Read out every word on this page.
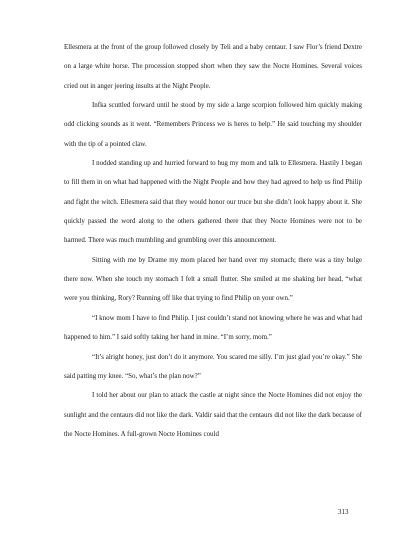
Ellesmera at the front of the group followed closely by Teli and a baby centaur. I saw Flor’s friend Dextre on a large white horse. The procession stopped short when they saw the Nocte Homines. Several voices cried out in anger jeering insults at the Night People.

Infka scuttled forward until he stood by my side a large scorpion followed him quickly making odd clicking sounds as it went. “Remembers Princess we is heres to help.” He said touching my shoulder with the tip of a pointed claw.

I nodded standing up and hurried forward to hug my mom and talk to Ellesmera. Hastily I began to fill them in on what had happened with the Night People and how they had agreed to help us find Philip and fight the witch. Ellesmera said that they would honor our truce but she didn’t look happy about it. She quickly passed the word along to the others gathered there that they Nocte Homines were not to be harmed. There was much mumbling and grumbling over this announcement.

Sitting with me by Drame my mom placed her hand over my stomach; there was a tiny bulge there now. When she touch my stomach I felt a small flutter. She smiled at me shaking her head, “what were you thinking, Rory? Running off like that trying to find Philip on your own.”

“I know mom I have to find Philip. I just couldn’t stand not knowing where he was and what had happened to him.” I said softly taking her hand in mine. “I’m sorry, mom.”

“It’s alright honey, just don’t do it anymore. You scared me silly. I’m just glad you’re okay.” She said patting my knee. “So, what’s the plan now?”

I told her about our plan to attack the castle at night since the Nocte Homines did not enjoy the sunlight and the centaurs did not like the dark. Valdir said that the centaurs did not like the dark because of the Nocte Homines. A full-grown Nocte Homines could

313
